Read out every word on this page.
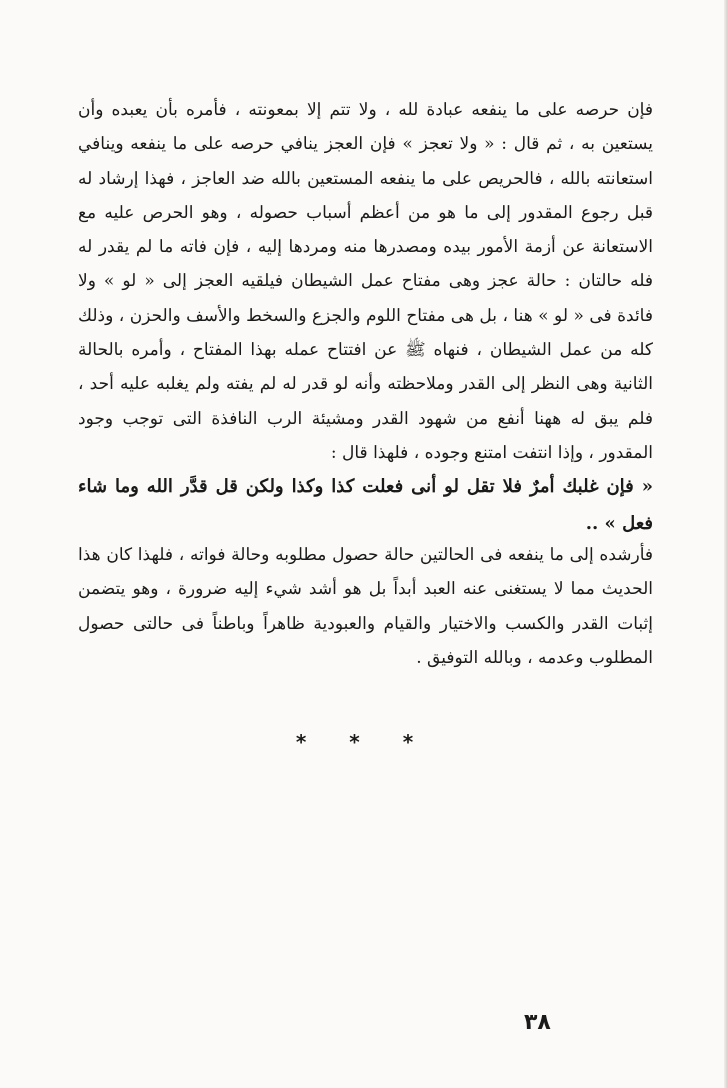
فإن حرصه على ما ينفعه عبادة لله ، ولا تتم إلا بمعونته ، فأمره بأن يعبده وأن يستعين به ، ثم قال : « ولا تعجز » فإن العجز ينافي حرصه على ما ينفعه وينافي استعانته بالله ، فالحريص على ما ينفعه المستعين بالله ضد العاجز ، فهذا إرشاد له قبل رجوع المقدور إلى ما هو من أعظم أسباب حصوله ، وهو الحرص عليه مع الاستعانة عن أزمة الأمور بيده ومصدرها منه ومردها إليه ، فإن فاته ما لم يقدر له فله حالتان : حالة عجز وهى مفتاح عمل الشيطان فيلقيه العجز إلى « لو » ولا فائدة فى « لو » هنا ، بل هى مفتاح اللوم والجزع والسخط والأسف والحزن ، وذلك كله من عمل الشيطان ، فنهاه ﷺ عن افتتاح عمله بهذا المفتاح ، وأمره بالحالة الثانية وهى النظر إلى القدر وملاحظته وأنه لو قدر له لم يفته ولم يغلبه عليه أحد ، فلم يبق له ههنا أنفع من شهود القدر ومشيئة الرب النافذة التى توجب وجود المقدور ، وإذا انتفت امتنع وجوده ، فلهذا قال :

« فإن غلبك أمرٌ فلا تقل لو أنى فعلت كذا وكذا ولكن قل قدَّر الله وما شاء فعل » ..

فأرشده إلى ما ينفعه فى الحالتين حالة حصول مطلوبه وحالة فواته ، فلهذا كان هذا الحديث مما لا يستغنى عنه العبد أبداً بل هو أشد شيء إليه ضرورة ، وهو يتضمن إثبات القدر والكسب والاختيار والقيام والعبودية ظاهراً وباطناً فى حالتى حصول المطلوب وعدمه ، وبالله التوفيق .

* * *
٣٨
